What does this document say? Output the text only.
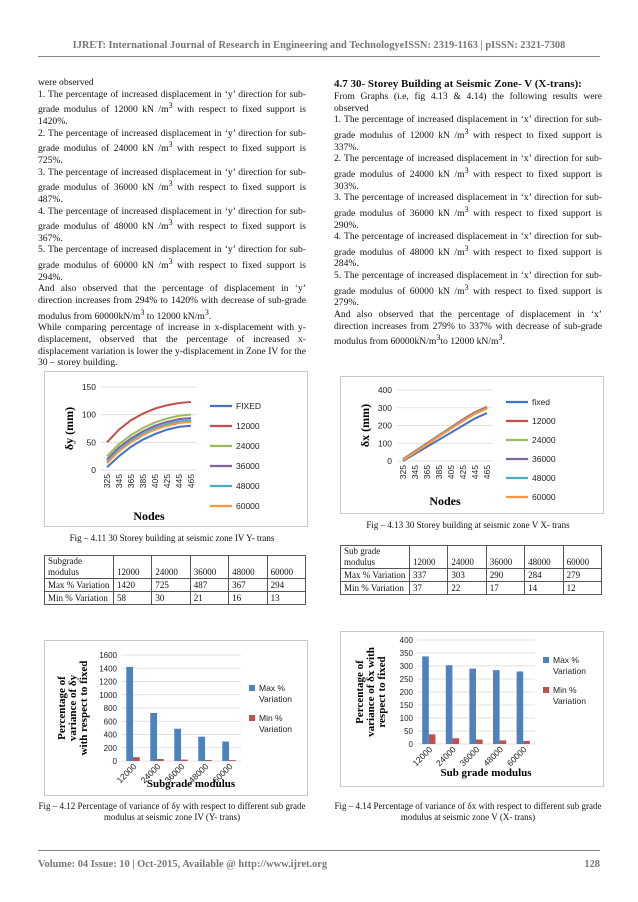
IJRET: International Journal of Research in Engineering and TechnologyeISSN: 2319-1163 | pISSN: 2321-7308

were observed

1. The percentage of increased displacement in ‘y’ direction for sub-grade modulus of 12000 kN $/m^3$ with respect to fixed support is 1420%.

2. The percentage of increased displacement in ‘y’ direction for sub-grade modulus of 24000 kN $/m^3$ with respect to fixed support is 725%.

3. The percentage of increased displacement in ‘y’ direction for sub-grade modulus of 36000 kN $/m^3$ with respect to fixed support is 487%.

4. The percentage of increased displacement in ‘y’ direction for sub-grade modulus of 48000 kN $/m^3$ with respect to fixed support is 367%.

5. The percentage of increased displacement in ‘y’ direction for sub-grade modulus of 60000 kN $/m^3$ with respect to fixed support is 294%.

And also observed that the percentage of displacement in ‘y’ direction increases from 294% to 1420% with decrease of sub-grade modulus from $60000kN/m^3$ to 12000 $kN/m^3$.

While comparing percentage of increase in x-displacement with y- displacement, observed that the percentage of increased x- displacement variation is lower the y-displacement in Zone IV for the 30 – storey building.

4.7 30- Storey Building at Seismic Zone- V (X-trans):

From Graphs (i.e, fig 4.13 & 4.14) the following results were observed

1. The percentage of increased displacement in ‘x’ direction for sub-grade modulus of 12000 kN $/m^3$ with respect to fixed support is 337%.

2. The percentage of increased displacement in ‘x’ direction for sub-grade modulus of 24000 kN $/m^3$ with respect to fixed support is 303%.

3. The percentage of increased displacement in ‘x’ direction for sub-grade modulus of 36000 kN $/m^3$ with respect to fixed support is 290%.

4. The percentage of increased displacement in ‘x’ direction for sub-grade modulus of 48000 kN $/m^3$ with respect to fixed support is 284%.

5. The percentage of increased displacement in ‘x’ direction for sub-grade modulus of 60000 kN $/m^3$ with respect to fixed support is 279%.

And also observed that the percentage of displacement in ‘x’ direction increases from 279% to 337% with decrease of sub-grade modulus from $60000kN/m^3to$ 12000 $kN/m^3$.

0
50
100
150
325 345 365 385 405 425 445 465
FIXED
12000
24000
36000
48000
60000
δy (mm)
Nodes
Fig – 4.11 30 Storey building at seismic zone IV Y- trans
Subgrade modulus	12000	24000	36000	48000	60000
Max % Variation	1420	725	487	367	294
Min % Variation	58	30	21	16	13
0
200
400
600
800
1000
1200
1400
1600
12000 24000 36000 48000 60000
Max %
Variation
Min %
Variation
Percentage of variance of δy with respect to fixed
Subgrade modulus
Fig – 4.12 Percentage of variance of δy with respect to different sub grade modulus at seismic zone IV (Y- trans)
0
100
200
300
400
325 345 365 385 405 425 445 465
fixed
12000
24000
36000
48000
60000
δx (mm)
Nodes
Fig – 4.13 30 Storey building at seismic zone V X- trans
Sub grade modulus	12000	24000	36000	48000	60000
Max % Variation	337	303	290	284	279
Min % Variation	37	22	17	14	12
0
50
100
150
200
250
300
350
400
12000 24000 36000 48000 60000
Max %
Variation
Min %
Variation
Percentage of variance of δx with respect to fixed
Sub grade modulus
Fig – 4.14 Percentage of variance of δx with respect to different sub grade modulus at seismic zone V (X- trans)
Volume: 04 Issue: 10 | Oct-2015, Available @ http://www.ijret.org	128
